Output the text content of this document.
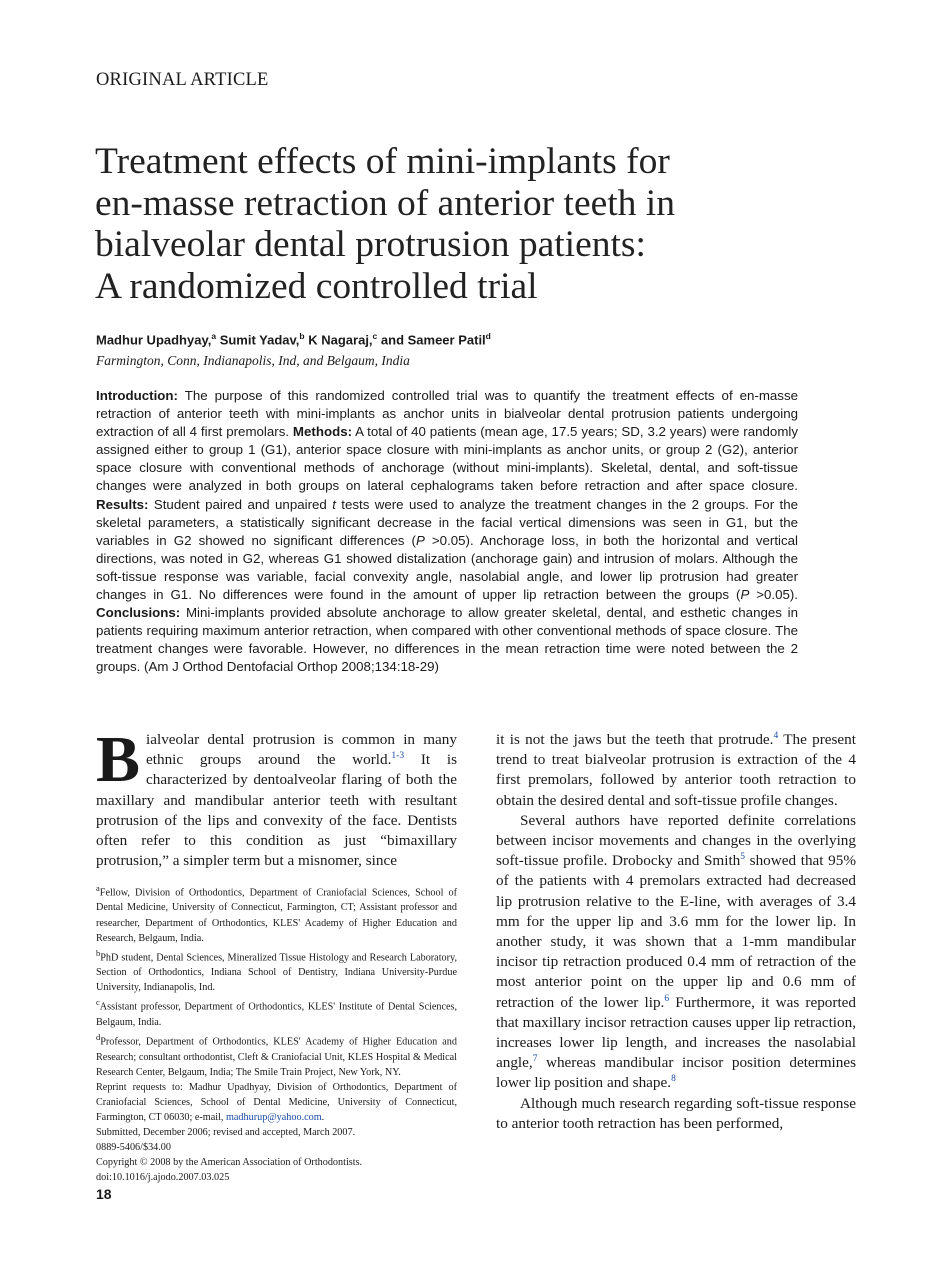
ORIGINAL ARTICLE
Treatment effects of mini-implants for
en-masse retraction of anterior teeth in
bialveolar dental protrusion patients:
A randomized controlled trial
Madhur Upadhyay,$^a$ Sumit Yadav,$^b$ K Nagaraj,$^c$ and Sameer Patil$^d$
Farmington, Conn, Indianapolis, Ind, and Belgaum, India
Introduction: The purpose of this randomized controlled trial was to quantify the treatment effects of en-masse retraction of anterior teeth with mini-implants as anchor units in bialveolar dental protrusion patients undergoing extraction of all 4 first premolars. Methods: A total of 40 patients (mean age, 17.5 years; SD, 3.2 years) were randomly assigned either to group 1 (G1), anterior space closure with mini-implants as anchor units, or group 2 (G2), anterior space closure with conventional methods of anchorage (without mini-implants). Skeletal, dental, and soft-tissue changes were analyzed in both groups on lateral cephalograms taken before retraction and after space closure. Results: Student paired and unpaired t tests were used to analyze the treatment changes in the 2 groups. For the skeletal parameters, a statistically significant decrease in the facial vertical dimensions was seen in G1, but the variables in G2 showed no significant differences (P >0.05). Anchorage loss, in both the horizontal and vertical directions, was noted in G2, whereas G1 showed distalization (anchorage gain) and intrusion of molars. Although the soft-tissue response was variable, facial convexity angle, nasolabial angle, and lower lip protrusion had greater changes in G1. No differences were found in the amount of upper lip retraction between the groups (P >0.05). Conclusions: Mini-implants provided absolute anchorage to allow greater skeletal, dental, and esthetic changes in patients requiring maximum anterior retraction, when compared with other conventional methods of space closure. The treatment changes were favorable. However, no differences in the mean retraction time were noted between the 2 groups. (Am J Orthod Dentofacial Orthop 2008;134:18-29)
Bialveolar dental protrusion is common in many ethnic groups around the world.$^{1-3}$ It is characterized by dentoalveolar flaring of both the maxillary and mandibular anterior teeth with resultant protrusion of the lips and convexity of the face. Dentists often refer to this condition as just “bimaxillary protrusion,” a simpler term but a misnomer, since

$^a$Fellow, Division of Orthodontics, Department of Craniofacial Sciences, School of Dental Medicine, University of Connecticut, Farmington, CT; Assistant professor and researcher, Department of Orthodontics, KLES' Academy of Higher Education and Research, Belgaum, India.

$^b$PhD student, Dental Sciences, Mineralized Tissue Histology and Research Laboratory, Section of Orthodontics, Indiana School of Dentistry, Indiana University-Purdue University, Indianapolis, Ind.

$^c$Assistant professor, Department of Orthodontics, KLES' Institute of Dental Sciences, Belgaum, India.

$^d$Professor, Department of Orthodontics, KLES' Academy of Higher Education and Research; consultant orthodontist, Cleft & Craniofacial Unit, KLES Hospital & Medical Research Center, Belgaum, India; The Smile Train Project, New York, NY.

Reprint requests to: Madhur Upadhyay, Division of Orthodontics, Department of Craniofacial Sciences, School of Dental Medicine, University of Connecticut, Farmington, CT 06030; e-mail, madhurup@yahoo.com.

Submitted, December 2006; revised and accepted, March 2007.

0889-5406/$34.00

Copyright © 2008 by the American Association of Orthodontists.

doi:10.1016/j.ajodo.2007.03.025

18

it is not the jaws but the teeth that protrude.$^4$ The present trend to treat bialveolar protrusion is extraction of the 4 first premolars, followed by anterior tooth retraction to obtain the desired dental and soft-tissue profile changes.

Several authors have reported definite correlations between incisor movements and changes in the overlying soft-tissue profile. Drobocky and Smith$^5$ showed that 95% of the patients with 4 premolars extracted had decreased lip protrusion relative to the E-line, with averages of 3.4 mm for the upper lip and 3.6 mm for the lower lip. In another study, it was shown that a 1-mm mandibular incisor tip retraction produced 0.4 mm of retraction of the most anterior point on the upper lip and 0.6 mm of retraction of the lower lip.$^6$ Furthermore, it was reported that maxillary incisor retraction causes upper lip retraction, increases lower lip length, and increases the nasolabial angle,$^7$ whereas mandibular incisor position determines lower lip position and shape.$^8$

Although much research regarding soft-tissue response to anterior tooth retraction has been performed,
